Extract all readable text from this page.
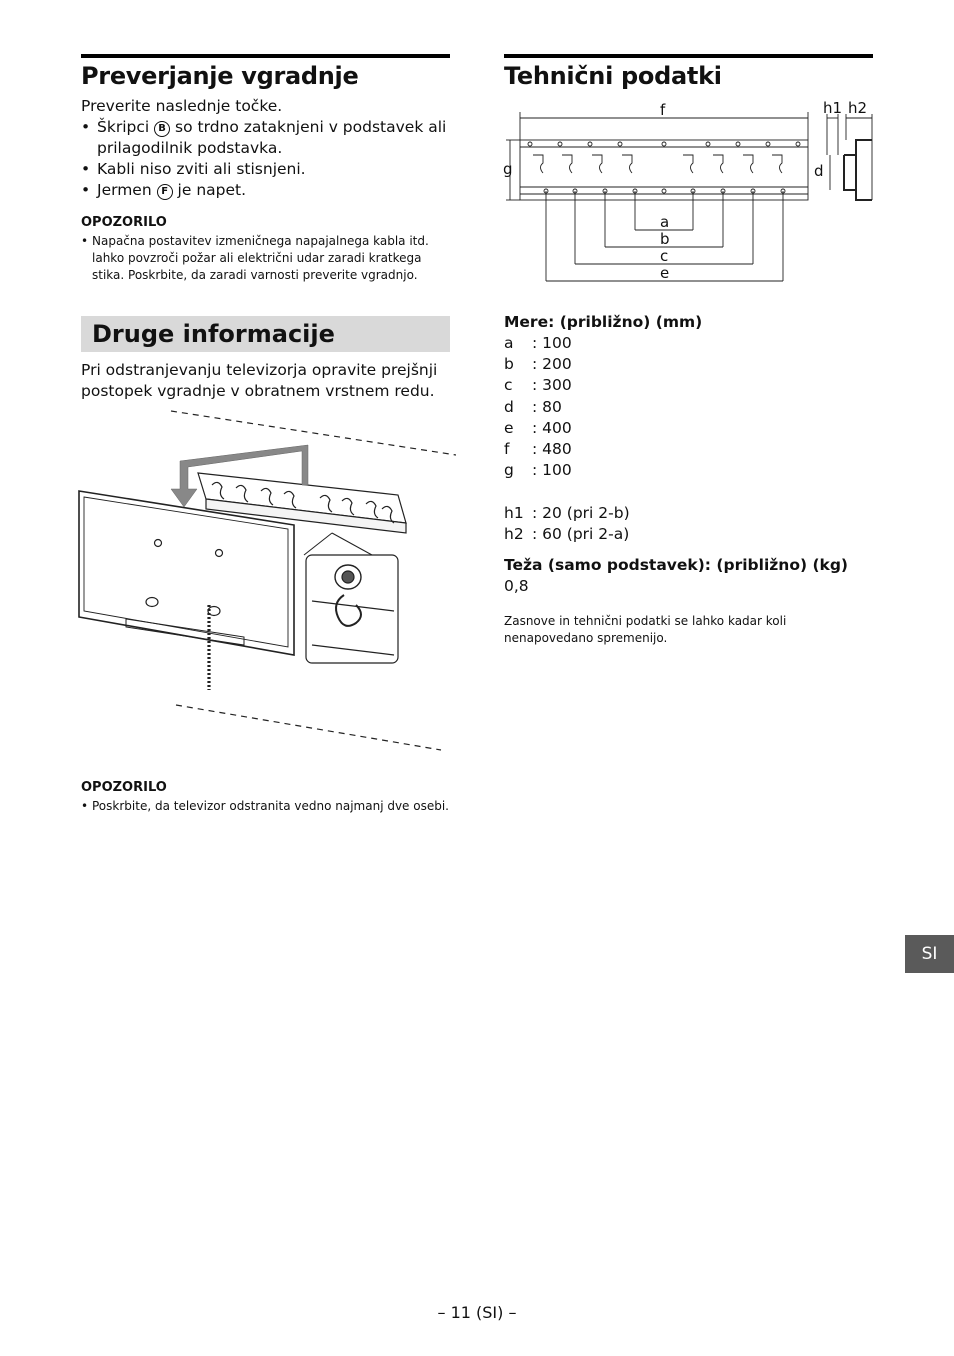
Preverjanje vgradnje

Preverite naslednje točke.

• Škripci B so trdno zataknjeni v podstavek ali prilagodilnik podstavka.
• Kabli niso zviti ali stisnjeni.
• Jermen F je napet.
OPOZORILO
• Napačna postavitev izmeničnega napajalnega kabla itd. lahko povzroči požar ali električni udar zaradi kratkega stika. Poskrbite, da zaradi varnosti preverite vgradnjo.
Druge informacije

Pri odstranjevanju televizorja opravite prejšnji postopek vgradnje v obratnem vrstnem redu.

OPOZORILO
• Poskrbite, da televizor odstranita vedno najmanj dve osebi.
Tehnični podatki
f	h1 h2
g	d
a
b
c
e
Mere: (približno) (mm)
a	: 100
b	: 200
c	: 300
d	: 80
e	: 400
f	: 480
g	: 100

h1	: 20 (pri 2-b)
h2	: 60 (pri 2-a)
Teža (samo podstavek): (približno) (kg)

0,8

Zasnove in tehnični podatki se lahko kadar koli nenapovedano spremenijo.

SI
– 11 (SI) –
